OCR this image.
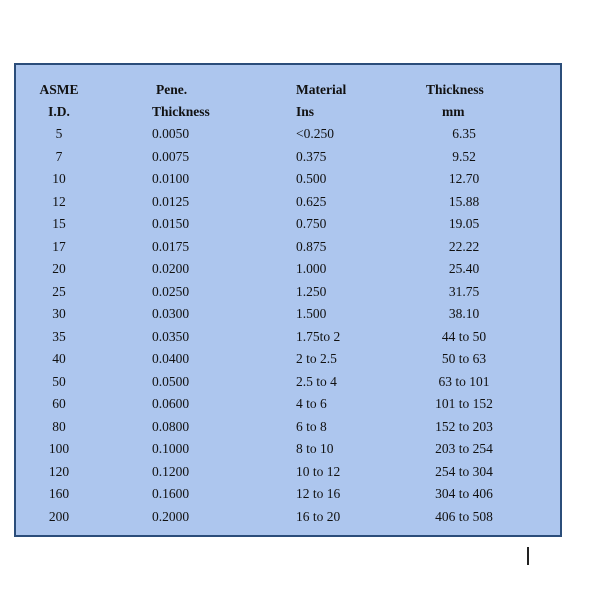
ASME	Pene.	Material	Thickness
I.D.	Thickness	Ins	mm
5	0.0050	<0.250	6.35
7	0.0075	0.375	9.52
10	0.0100	0.500	12.70
12	0.0125	0.625	15.88
15	0.0150	0.750	19.05
17	0.0175	0.875	22.22
20	0.0200	1.000	25.40
25	0.0250	1.250	31.75
30	0.0300	1.500	38.10
35	0.0350	1.75to 2	44 to 50
40	0.0400	2 to 2.5	50 to 63
50	0.0500	2.5 to 4	63 to 101
60	0.0600	4 to 6	101 to 152
80	0.0800	6 to 8	152 to 203
100	0.1000	8 to 10	203 to 254
120	0.1200	10 to 12	254 to 304
160	0.1600	12 to 16	304 to 406
200	0.2000	16 to 20	406 to 508
